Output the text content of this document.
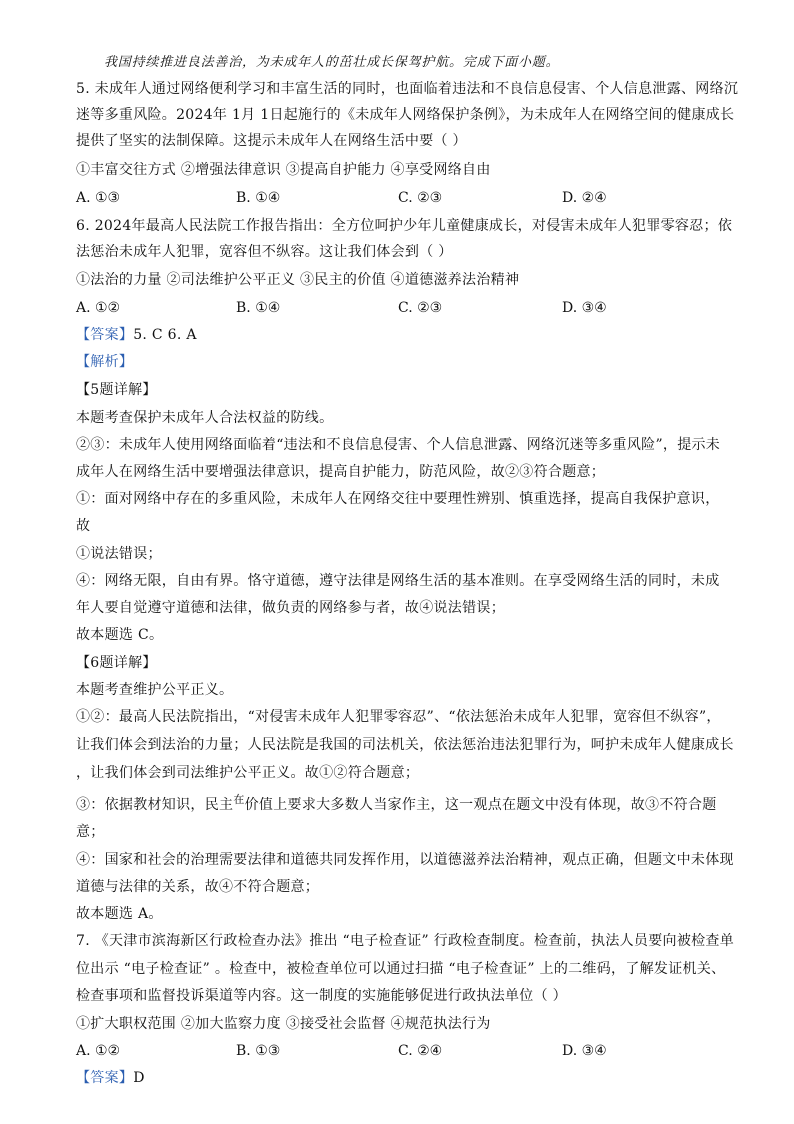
我国持续推进良法善治，为未成年人的茁壮成长保驾护航。完成下面小题。
5. 未成年人通过网络便利学习和丰富生活的同时，也面临着违法和不良信息侵害、个人信息泄露、网络沉
迷等多重风险。2024年 1月 1日起施行的《未成年人网络保护条例》，为未成年人在网络空间的健康成长
提供了坚实的法制保障。这提示未成年人在网络生活中要（ ）
①丰富交往方式 ②增强法律意识 ③提高自护能力 ④享受网络自由
A. ①③	B. ①④	C. ②③	D. ②④
6. 2024年最高人民法院工作报告指出：全方位呵护少年儿童健康成长，对侵害未成年人犯罪零容忍；依
法惩治未成年人犯罪，宽容但不纵容。这让我们体会到（ ）
①法治的力量 ②司法维护公平正义 ③民主的价值 ④道德滋养法治精神
A. ①②	B. ①④	C. ②③	D. ③④
【答案】5. C 6. A
【解析】
【5题详解】
本题考查保护未成年人合法权益的防线。
②③：未成年人使用网络面临着“违法和不良信息侵害、个人信息泄露、网络沉迷等多重风险”，提示未
成年人在网络生活中要增强法律意识，提高自护能力，防范风险，故②③符合题意；
①：面对网络中存在的多重风险，未成年人在网络交往中要理性辨别、慎重选择，提高自我保护意识，
故
①说法错误；
④：网络无限，自由有界。恪守道德，遵守法律是网络生活的基本准则。在享受网络生活的同时，未成
年人要自觉遵守道德和法律，做负责的网络参与者，故④说法错误；
故本题选 C。
【6题详解】
本题考查维护公平正义。
①②：最高人民法院指出，“对侵害未成年人犯罪零容忍”、“依法惩治未成年人犯罪，宽容但不纵容”，
让我们体会到法治的力量；人民法院是我国的司法机关，依法惩治违法犯罪行为，呵护未成年人健康成长
，让我们体会到司法维护公平正义。故①②符合题意；
③：依据教材知识，民主$^在$价值上要求大多数人当家作主，这一观点在题文中没有体现，故③不符合题
意；
④：国家和社会的治理需要法律和道德共同发挥作用，以道德滋养法治精神，观点正确，但题文中未体现
道德与法律的关系，故④不符合题意；
故本题选 A。
7. 《天津市滨海新区行政检查办法》推出 “电子检查证” 行政检查制度。检查前，执法人员要向被检查单
位出示 “电子检查证” 。检查中，被检查单位可以通过扫描 “电子检查证” 上的二维码，了解发证机关、
检查事项和监督投诉渠道等内容。这一制度的实施能够促进行政执法单位（ ）
①扩大职权范围 ②加大监察力度 ③接受社会监督 ④规范执法行为
A. ①②	B. ①③	C. ②④	D. ③④
【答案】D
